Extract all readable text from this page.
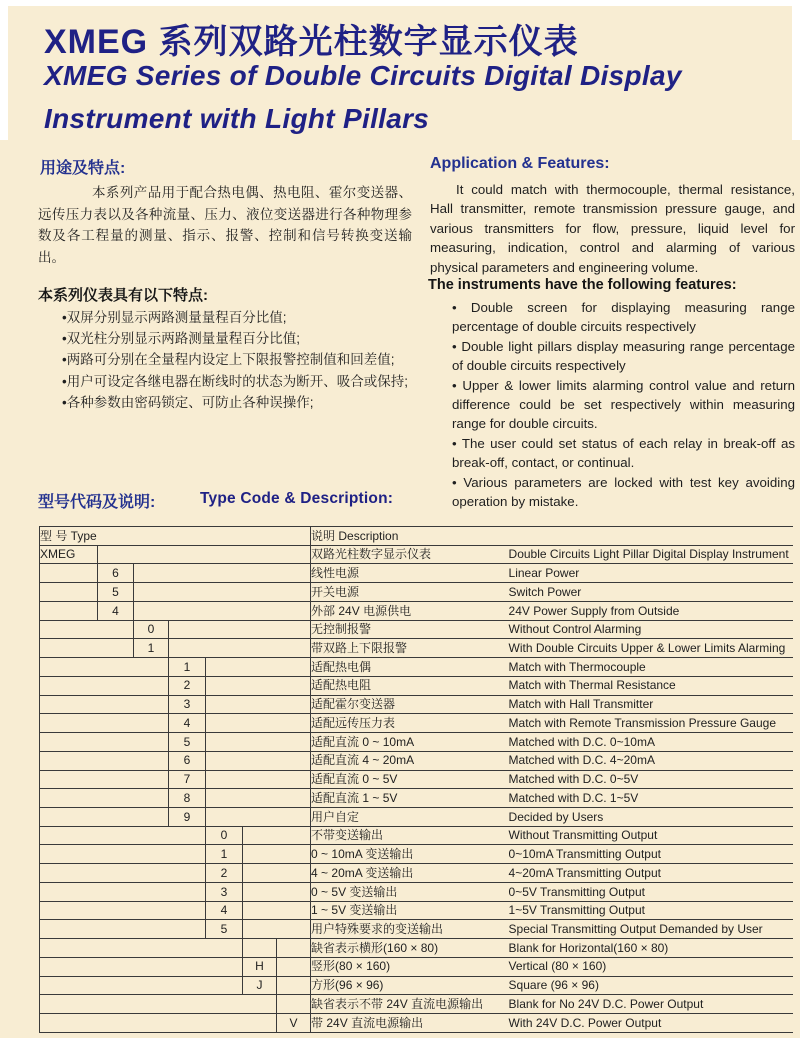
XMEG 系列双路光柱数字显示仪表
XMEG Series of Double Circuits Digital Display
Instrument with Light Pillars
用途及特点:
本系列产品用于配合热电偶、热电阻、霍尔变送器、远传压力表以及各种流量、压力、液位变送器进行各种物理参数及各工程量的测量、指示、报警、控制和信号转换变送输出。
本系列仪表具有以下特点:
•双屏分别显示两路测量量程百分比值;
•双光柱分别显示两路测量量程百分比值;
•两路可分别在全量程内设定上下限报警控制值和回差值;
•用户可设定各继电器在断线时的状态为断开、吸合或保持;
•各种参数由密码锁定、可防止各种误操作;
Application & Features:
It could match with thermocouple, thermal resistance, Hall transmitter, remote transmission pressure gauge, and various transmitters for flow, pressure, liquid level for measuring, indication, control and alarming of various physical parameters and engineering volume.
The instruments have the following features:
• Double screen for displaying measuring range percentage of double circuits respectively
• Double light pillars display measuring range percentage of double circuits respectively
• Upper & lower limits alarming control value and return difference could be set respectively within measuring range for double circuits.
• The user could set status of each relay in break-off as break-off, contact, or continual.
• Various parameters are locked with test key avoiding operation by mistake.
型号代码及说明:	Type Code & Description:
型 号 Type							说明 Description	
XMEG							双路光柱数字显示仪表	Double Circuits Light Pillar Digital Display Instrument
	6						线性电源	Linear Power
	5						开关电源	Switch Power
	4						外部 24V 电源供电	24V Power Supply from Outside
		0					无控制报警	Without Control Alarming
		1					带双路上下限报警	With Double Circuits Upper & Lower Limits Alarming
			1				适配热电偶	Match with Thermocouple
			2				适配热电阻	Match with Thermal Resistance
			3				适配霍尔变送器	Match with Hall Transmitter
			4				适配远传压力表	Match with Remote Transmission Pressure Gauge
			5				适配直流 0 ~ 10mA	Matched with D.C. 0~10mA
			6				适配直流 4 ~ 20mA	Matched with D.C. 4~20mA
			7				适配直流 0 ~ 5V	Matched with D.C. 0~5V
			8				适配直流 1 ~ 5V	Matched with D.C. 1~5V
			9				用户自定	Decided by Users
				0			不带变送输出	Without Transmitting Output
				1			0 ~ 10mA 变送输出	0~10mA Transmitting Output
				2			4 ~ 20mA 变送输出	4~20mA Transmitting Output
				3			0 ~ 5V 变送输出	0~5V Transmitting Output
				4			1 ~ 5V 变送输出	1~5V Transmitting Output
				5			用户特殊要求的变送输出	Special Transmitting Output Demanded by User
							缺省表示横形(160 × 80)	Blank for Horizontal(160 × 80)
					H		竖形(80 × 160)	Vertical (80 × 160)
					J		方形(96 × 96)	Square (96 × 96)
							缺省表示不带 24V 直流电源输出	Blank for No 24V D.C. Power Output
						V	带 24V 直流电源输出	With 24V D.C. Power Output
